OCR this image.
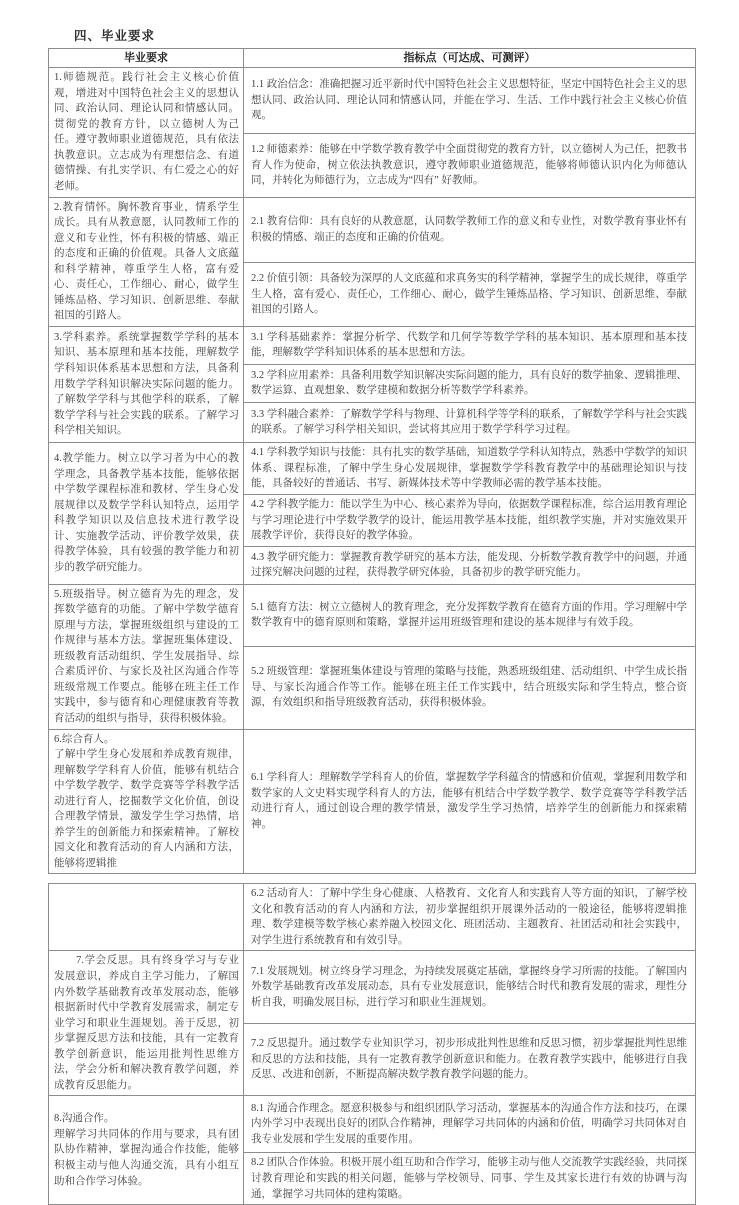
四、毕业要求
毕业要求	指标点（可达成、可测评）

1.师德规范。践行社会主义核心价值观，增进对中国特色社会主义的思想认同、政治认同、理论认同和情感认同。贯彻党的教育方针，以立德树人为己任。遵守教师职业道德规范，具有依法执教意识。立志成为有理想信念、有道德情操、有扎实学识、有仁爱之心的好老师。	1.1 政治信念：准确把握习近平新时代中国特色社会主义思想特征，坚定中国特色社会主义的思想认同、政治认同、理论认同和情感认同，并能在学习、生活、工作中践行社会主义核心价值观。
	1.2 师德素养：能够在中学数学教育教学中全面贯彻党的教育方针，以立德树人为己任，把教书育人作为使命，树立依法执教意识，遵守教师职业道德规范，能够将师德认识内化为师德认同，并转化为师德行为，立志成为“四有” 好教师。

2.教育情怀。胸怀教育事业，情系学生成长。具有从教意愿，认同教师工作的意义和专业性，怀有积极的情感、端正的态度和正确的价值观。具备人文底蕴和科学精神，尊重学生人格，富有爱心、责任心，工作细心、耐心，做学生锤炼品格、学习知识、创新思维、奉献祖国的引路人。	2.1 教育信仰：具有良好的从教意愿，认同数学教师工作的意义和专业性，对数学教育事业怀有积极的情感、端正的态度和正确的价值观。
	2.2 价值引领：具备较为深厚的人文底蕴和求真务实的科学精神，掌握学生的成长规律，尊重学生人格，富有爱心、责任心，工作细心、耐心，做学生锤炼品格、学习知识、创新思维、奉献祖国的引路人。

3.学科素养。系统掌握数学学科的基本知识、基本原理和基本技能，理解数学学科知识体系基本思想和方法，具备利用数学学科知识解决实际问题的能力。了解数学学科与其他学科的联系，了解数学学科与社会实践的联系。了解学习科学相关知识。	3.1 学科基础素养：掌握分析学、代数学和几何学等数学学科的基本知识、基本原理和基本技能，理解数学学科知识体系的基本思想和方法。
	3.2 学科应用素养：具备利用数学知识解决实际问题的能力，具有良好的数学抽象、逻辑推理、数学运算、直观想象、数学建模和数据分析等数学学科素养。
	3.3 学科融合素养：了解数学学科与物理、计算机科学等学科的联系，了解数学学科与社会实践的联系。了解学习科学相关知识，尝试将其应用于数学学科学习过程。

4.教学能力。树立以学习者为中心的教学理念，具备教学基本技能，能够依据中学数学课程标准和教材、学生身心发展规律以及数学学科认知特点，运用学科教学知识以及信息技术进行教学设计、实施教学活动、评价教学效果，获得教学体验，具有较强的教学能力和初步的教学研究能力。	4.1 学科教学知识与技能：具有扎实的数学基础，知道数学学科认知特点，熟悉中学数学的知识体系、课程标准，了解中学生身心发展规律，掌握数学学科教育教学中的基础理论知识与技能，具备较好的普通话、书写、新媒体技术等中学教师必需的教学基本技能。
	4.2 学科教学能力：能以学生为中心、核心素养为导向，依据数学课程标准，综合运用教育理论与学习理论进行中学数学教学的设计，能运用教学基本技能，组织教学实施，并对实施效果开展教学评价，获得良好的教学体验。
	4.3 教学研究能力：掌握教育教学研究的基本方法，能发现、分析数学教育教学中的问题，并通过探究解决问题的过程，获得教学研究体验，具备初步的教学研究能力。

5.班级指导。树立德育为先的理念，发挥数学德育的功能。了解中学数学德育原理与方法，掌握班级组织与建设的工作规律与基本方法。掌握班集体建设、班级教育活动组织、学生发展指导、综合素质评价、与家长及社区沟通合作等班级常规工作要点。能够在班主任工作实践中，参与德育和心理健康教育等教育活动的组织与指导，获得积极体验。	5.1 德育方法：树立立德树人的教育理念，充分发挥数学教育在德育方面的作用。学习理解中学数学教育中的德育原则和策略，掌握并运用班级管理和建设的基本规律与有效手段。
	5.2 班级管理：掌握班集体建设与管理的策略与技能，熟悉班级组建、活动组织、中学生成长指导、与家长沟通合作等工作。能够在班主任工作实践中，结合班级实际和学生特点，整合资源，有效组织和指导班级教育活动，获得积极体验。

6.综合育人。

了解中学生身心发展和养成教育规律，理解数学学科育人价值，能够有机结合中学数学教学、数学竞赛等学科教学活动进行育人，挖掘数学文化价值，创设合理教学情景，激发学生学习热情，培养学生的创新能力和探索精神。了解校园文化和教育活动的育人内涵和方法，能够将逻辑推	6.1 学科育人：理解数学学科育人的价值，掌握数学学科蕴含的情感和价值观，掌握利用数学和数学家的人文史料实现学科育人的方法，能够有机结合中学数学教学、数学竞赛等学科教学活动进行育人，通过创设合理的教学情景，激发学生学习热情，培养学生的创新能力和探索精神。
	6.2 活动育人：了解中学生身心健康、人格教育、文化育人和实践育人等方面的知识，了解学校文化和教育活动的育人内涵和方法，初步掌握组织开展课外活动的一般途径，能够将逻辑推理、数学建模等数学核心素养融入校园文化、班团活动、主题教育、社团活动和社会实践中，对学生进行系统教育和有效引导。

　　7.学会反思。具有终身学习与专业发展意识，养成自主学习能力，了解国内外数学基础教育改革发展动态，能够根据新时代中学教育发展需求，制定专业学习和职业生涯规划。善于反思，初步掌握反思方法和技能，具有一定教育教学创新意识，能运用批判性思维方法，学会分析和解决教育教学问题，养成教育反思能力。	7.1 发展规划。树立终身学习理念，为持续发展奠定基础，掌握终身学习所需的技能。了解国内外数学基础教育改革发展动态，具有专业发展意识，能够结合时代和教育发展的需求，理性分析自我，明确发展目标，进行学习和职业生涯规划。
	7.2 反思提升。通过数学专业知识学习，初步形成批判性思维和反思习惯，初步掌握批判性思维和反思的方法和技能，具有一定教育教学创新意识和能力。在教育教学实践中，能够进行自我反思、改进和创新，不断提高解决数学教育教学问题的能力。

8.沟通合作。

理解学习共同体的作用与要求，具有团队协作精神，掌握沟通合作技能，能够积极主动与他人沟通交流，具有小组互助和合作学习体验。	8.1 沟通合作理念。愿意积极参与和组织团队学习活动，掌握基本的沟通合作方法和技巧，在课内外学习中表现出良好的团队合作精神，理解学习共同体的内涵和价值，明确学习共同体对自我专业发展和学生发展的重要作用。
	8.2 团队合作体验。积极开展小组互助和合作学习，能够主动与他人交流教学实践经验，共同探讨教育理论和实践的相关问题，能够与学校领导、同事、学生及其家长进行有效的协调与沟通，掌握学习共同体的建构策略。
